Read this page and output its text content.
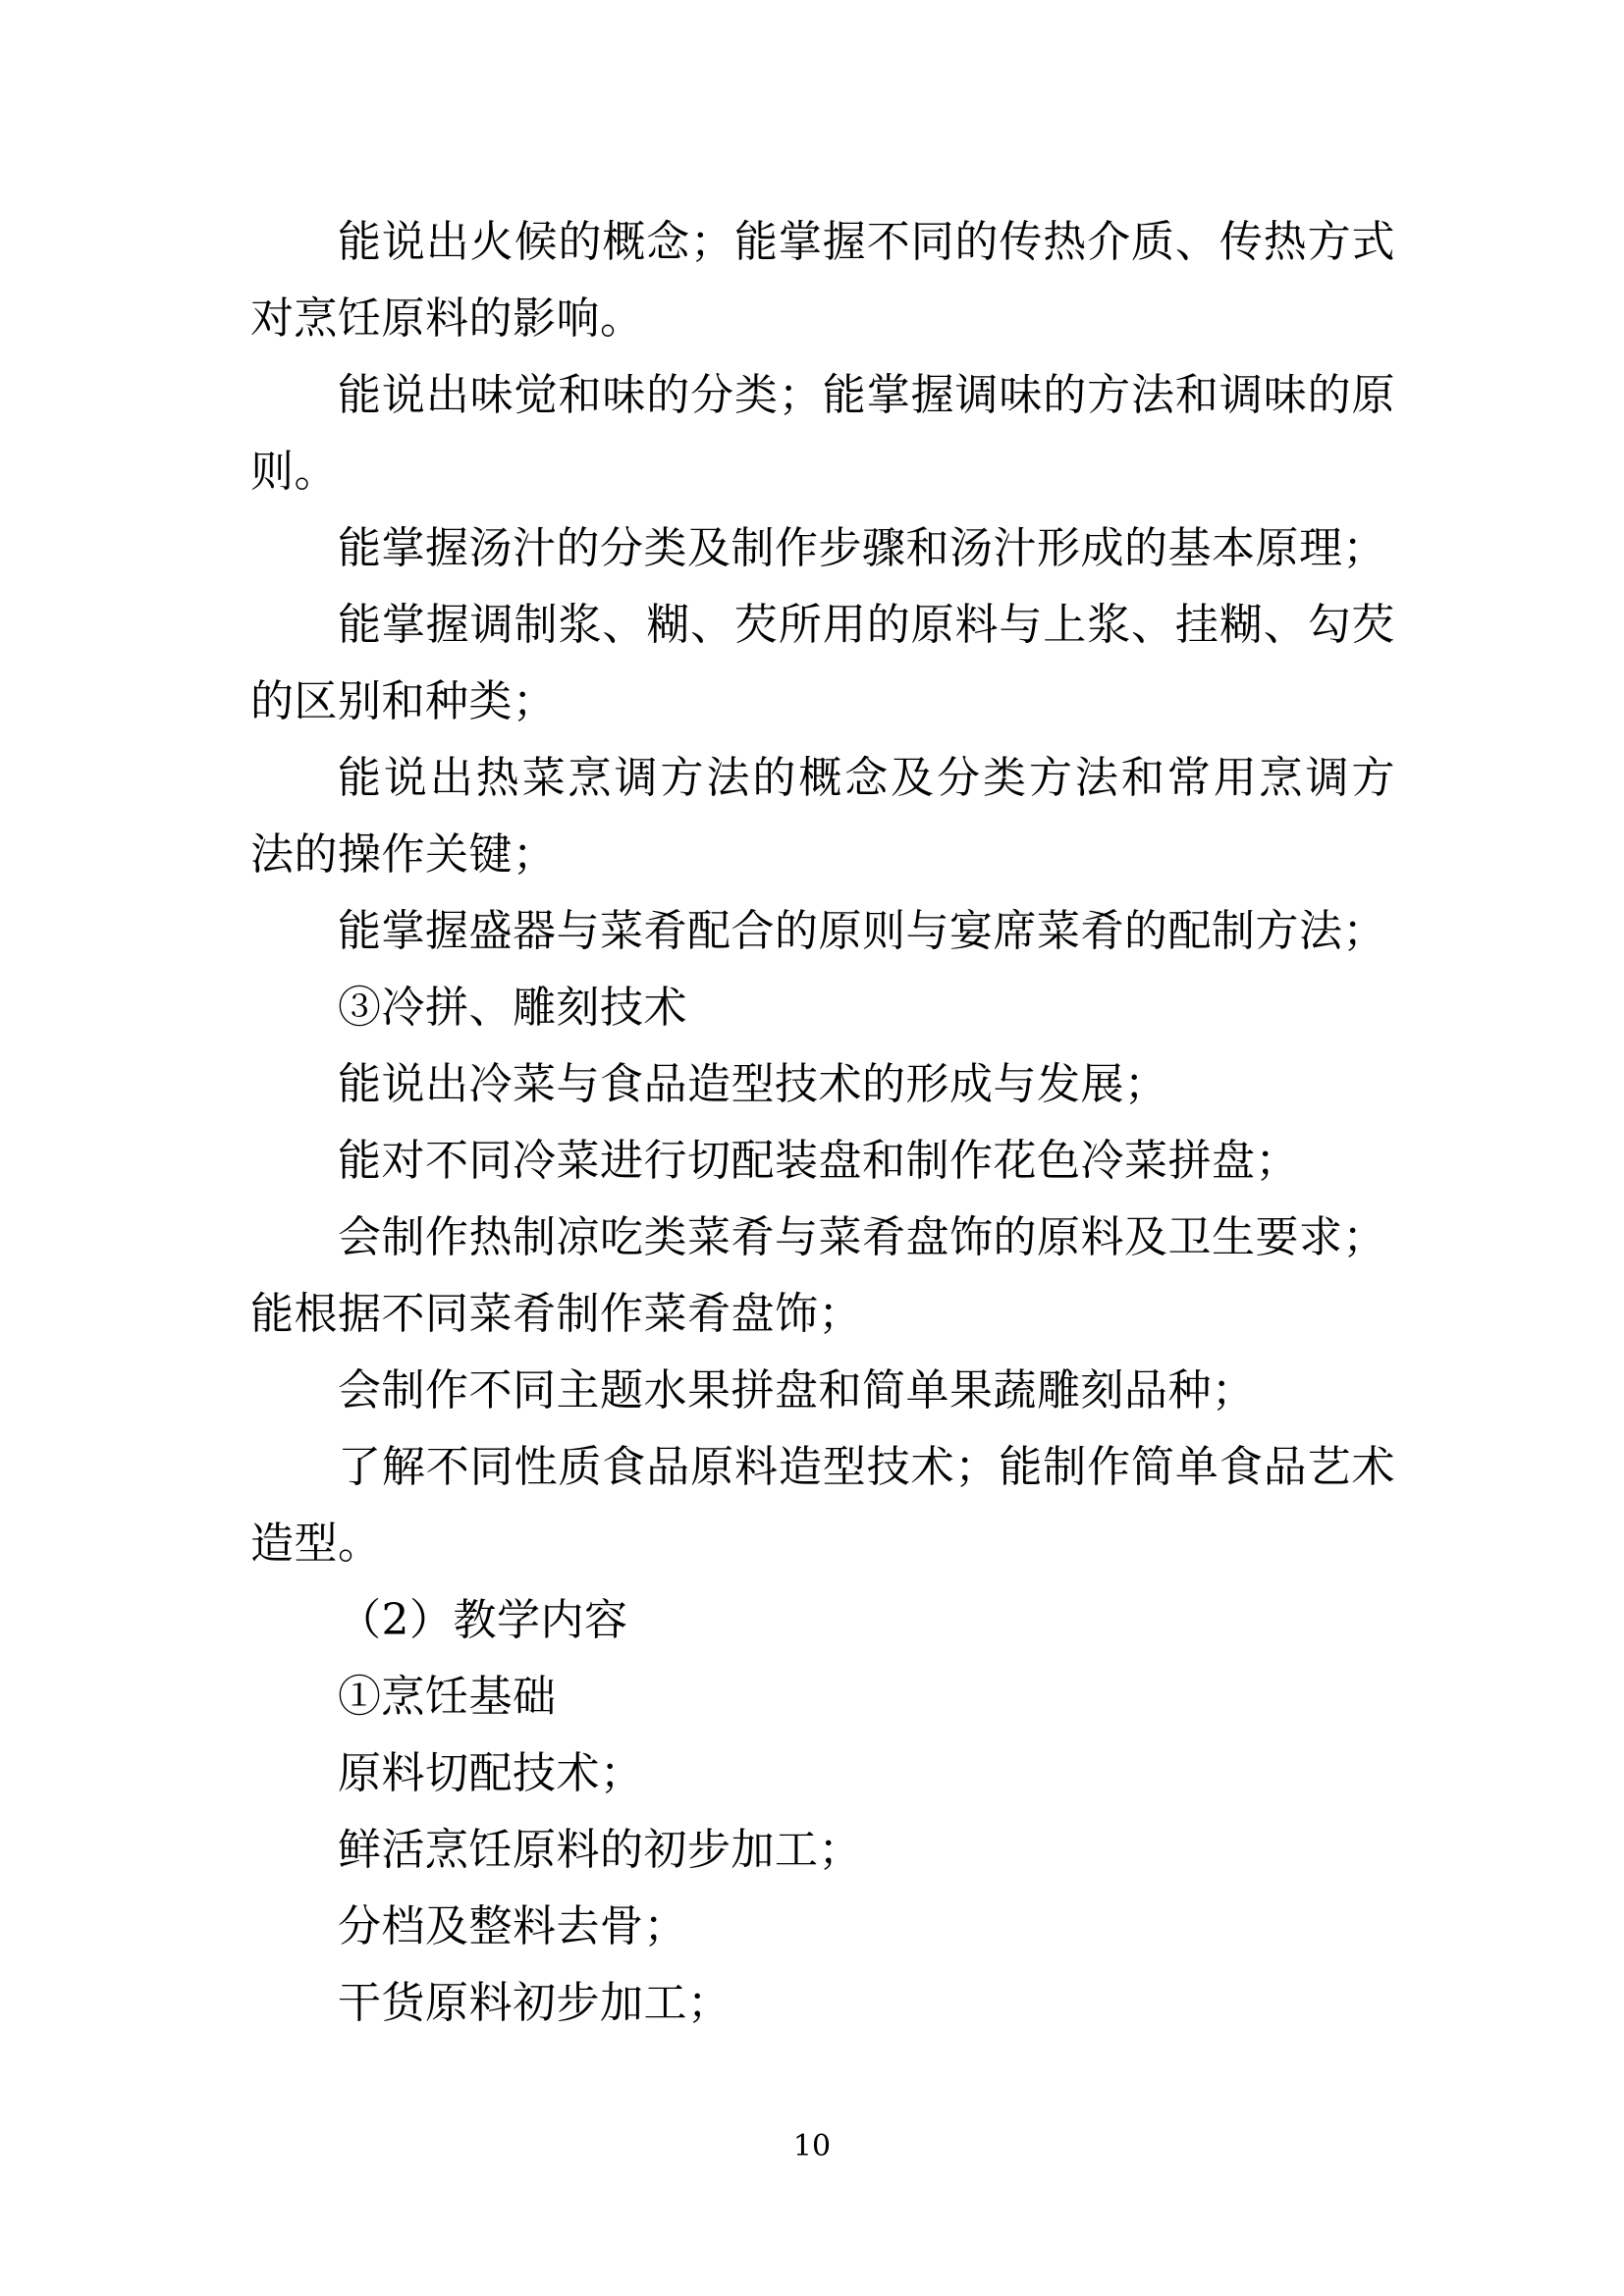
能说出火候的概念；能掌握不同的传热介质、传热方式
对烹饪原料的影响。
能说出味觉和味的分类；能掌握调味的方法和调味的原
则。
能掌握汤汁的分类及制作步骤和汤汁形成的基本原理；
能掌握调制浆、糊、芡所用的原料与上浆、挂糊、勾芡
的区别和种类；
能说出热菜烹调方法的概念及分类方法和常用烹调方
法的操作关键；
能掌握盛器与菜肴配合的原则与宴席菜肴的配制方法；
③冷拼、雕刻技术
能说出冷菜与食品造型技术的形成与发展；
能对不同冷菜进行切配装盘和制作花色冷菜拼盘；
会制作热制凉吃类菜肴与菜肴盘饰的原料及卫生要求；
能根据不同菜肴制作菜肴盘饰；
会制作不同主题水果拼盘和简单果蔬雕刻品种；
了解不同性质食品原料造型技术；能制作简单食品艺术
造型。
（2）教学内容
①烹饪基础
原料切配技术；
鲜活烹饪原料的初步加工；
分档及整料去骨；
干货原料初步加工；
10
